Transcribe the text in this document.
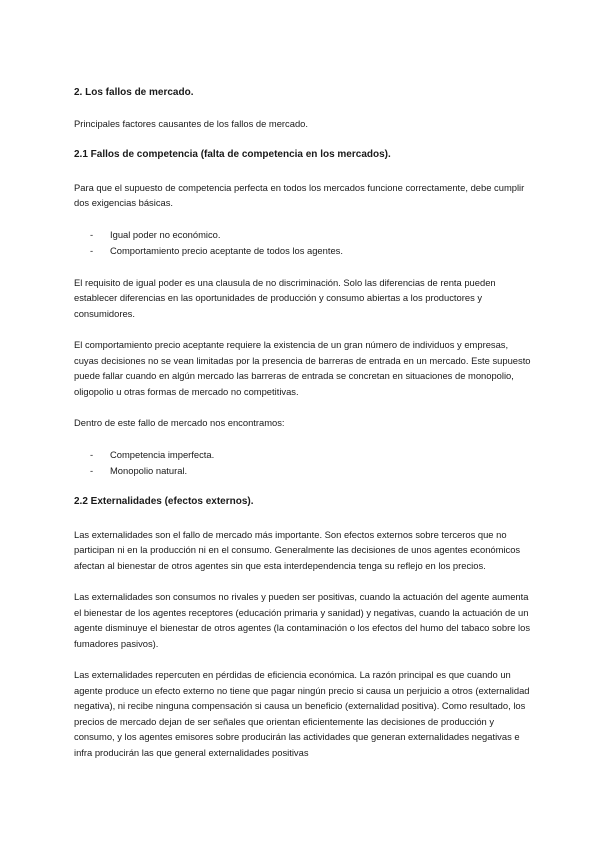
2. Los fallos de mercado.

Principales factores causantes de los fallos de mercado.

2.1 Fallos de competencia (falta de competencia en los mercados).

Para que el supuesto de competencia perfecta en todos los mercados funcione correctamente, debe cumplir dos exigencias básicas.

- Igual poder no económico.
- Comportamiento precio aceptante de todos los agentes.

El requisito de igual poder es una clausula de no discriminación. Solo las diferencias de renta pueden establecer diferencias en las oportunidades de producción y consumo abiertas a los productores y consumidores.

El comportamiento precio aceptante requiere la existencia de un gran número de individuos y empresas, cuyas decisiones no se vean limitadas por la presencia de barreras de entrada en un mercado. Este supuesto puede fallar cuando en algún mercado las barreras de entrada se concretan en situaciones de monopolio, oligopolio u otras formas de mercado no competitivas.

Dentro de este fallo de mercado nos encontramos:

- Competencia imperfecta.
- Monopolio natural.

2.2 Externalidades (efectos externos).

Las externalidades son el fallo de mercado más importante. Son efectos externos sobre terceros que no participan ni en la producción ni en el consumo. Generalmente las decisiones de unos agentes económicos afectan al bienestar de otros agentes sin que esta interdependencia tenga su reflejo en los precios.

Las externalidades son consumos no rivales y pueden ser positivas, cuando la actuación del agente aumenta el bienestar de los agentes receptores (educación primaria y sanidad) y negativas, cuando la actuación de un agente disminuye el bienestar de otros agentes (la contaminación o los efectos del humo del tabaco sobre los fumadores pasivos).

Las externalidades repercuten en pérdidas de eficiencia económica. La razón principal es que cuando un agente produce un efecto externo no tiene que pagar ningún precio si causa un perjuicio a otros (externalidad negativa), ni recibe ninguna compensación si causa un beneficio (externalidad positiva). Como resultado, los precios de mercado dejan de ser señales que orientan eficientemente las decisiones de producción y consumo, y los agentes emisores sobre producirán las actividades que generan externalidades negativas e infra producirán las que general externalidades positivas
